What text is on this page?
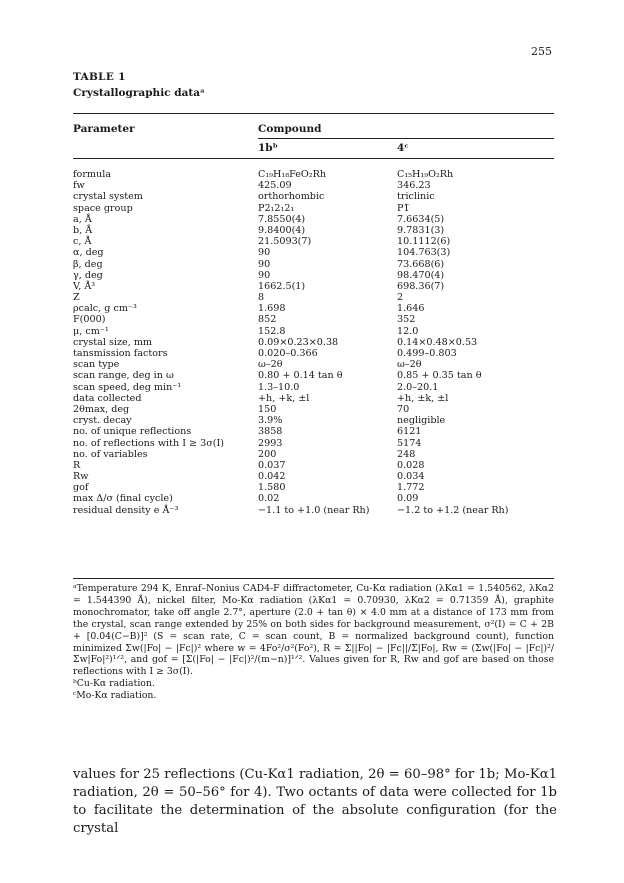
255
TABLE 1
Crystallographic dataᵃ
Parameter	Compound
1bᵇ	4ᶜ
formula	C₁₉H₁₈FeO₂Rh	C₁₅H₁₉O₂Rh
fw	425.09	346.23
crystal system	orthorhombic	triclinic
space group	P2₁2₁2₁	P1̅
a, Å	7.8550(4)	7.6634(5)
b, Å	9.8400(4)	9.7831(3)
c, Å	21.5093(7)	10.1112(6)
α, deg	90	104.763(3)
β, deg	90	73.668(6)
γ, deg	90	98.470(4)
V, Å³	1662.5(1)	698.36(7)
Z	8	2
ρcalc, g cm⁻³	1.698	1.646
F(000)	852	352
μ, cm⁻¹	152.8	12.0
crystal size, mm	0.09×0.23×0.38	0.14×0.48×0.53
tansmission factors	0.020–0.366	0.499–0.803
scan type	ω–2θ	ω–2θ
scan range, deg in ω	0.80 + 0.14 tan θ	0.85 + 0.35 tan θ
scan speed, deg min⁻¹	1.3–10.0	2.0–20.1
data collected	+h, +k, ±l	+h, ±k, ±l
2θmax, deg	150	70
cryst. decay	3.9%	negligible
no. of unique reflections	3858	6121
no. of reflections with I ≥ 3σ(I)	2993	5174
no. of variables	200	248
R	0.037	0.028
Rw	0.042	0.034
gof	1.580	1.772
max Δ/σ (final cycle)	0.02	0.09
residual density e Å⁻³	−1.1 to +1.0 (near Rh)	−1.2 to +1.2 (near Rh)

ᵃTemperature 294 K, Enraf–Nonius CAD4-F diffractometer, Cu-Kα radiation (λKα1 = 1.540562, λKα2 = 1.544390 Å), nickel filter, Mo-Kα radiation (λKα1 = 0.70930, λKα2 = 0.71359 Å), graphite monochromator, take off angle 2.7°, aperture (2.0 + tan θ) × 4.0 mm at a distance of 173 mm from the crystal, scan range extended by 25% on both sides for background measurement, σ²(I) = C + 2B + [0.04(C−B)]² (S = scan rate, C = scan count, B = normalized background count), function minimized Σw(|Fo| − |Fc|)² where w = 4Fo²/σ²(Fo²), R = Σ||Fo| − |Fc||/Σ|Fo|, Rw = (Σw(|Fo| − |Fc|)²/Σw|Fo|²)¹ᐟ², and gof = [Σ(|Fo| − |Fc|)²/(m−n)]¹ᐟ². Values given for R, Rw and gof are based on those reflections with I ≥ 3σ(I).

ᵇCu-Kα radiation.

ᶜMo-Kα radiation.

values for 25 reflections (Cu-Kα1 radiation, 2θ = 60–98° for 1b; Mo-Kα1 radiation, 2θ = 50–56° for 4). Two octants of data were collected for 1b to facilitate the determination of the absolute configuration (for the crystal
